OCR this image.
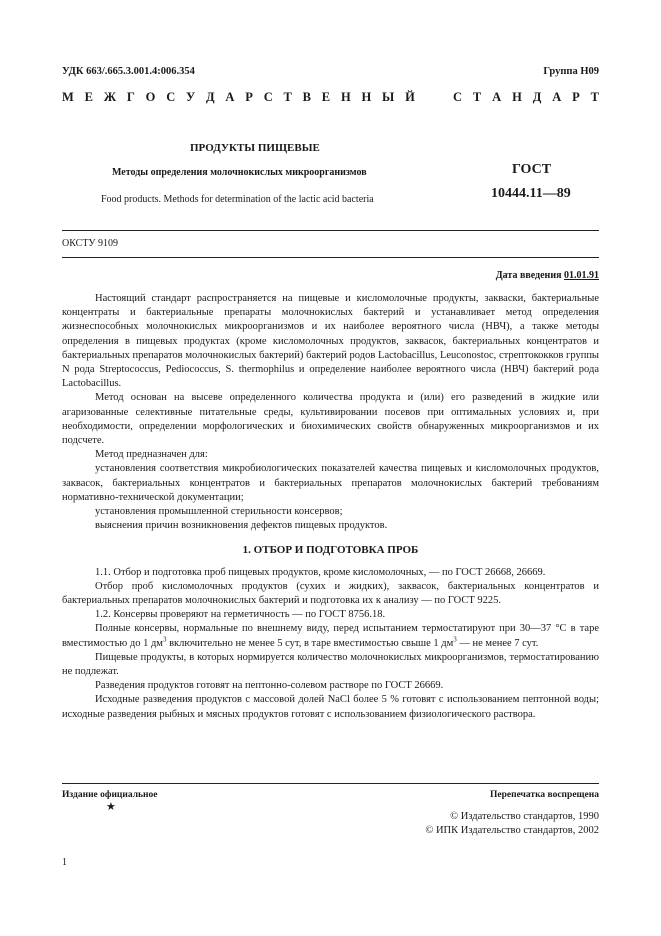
УДК 663/.665.3.001.4:006.354	Группа Н09
М Е Ж Г О С У Д А Р С Т В Е Н Н Ы Й	С Т А Н Д А Р Т
ПРОДУКТЫ ПИЩЕВЫЕ
Методы определения молочнокислых микроорганизмов
Food products. Methods for determination of the lactic acid bacteria
ГОСТ
10444.11—89
ОКСТУ 9109
Дата введения 01.01.91

Настоящий стандарт распространяется на пищевые и кисломолочные продукты, закваски, бактериальные концентраты и бактериальные препараты молочнокислых бактерий и устанавливает метод определения жизнеспособных молочнокислых микроорганизмов и их наиболее вероятного числа (НВЧ), а также методы определения в пищевых продуктах (кроме кисломолочных продуктов, заквасок, бактериальных концентратов и бактериальных препаратов молочнокислых бактерий) бактерий родов Lactobacillus, Leuconostoc, стрептококков группы N рода Streptococcus, Pediococcus, S. thermophilus и определение наиболее вероятного числа (НВЧ) бактерий рода Lactobacillus.

Метод основан на высеве определенного количества продукта и (или) его разведений в жидкие или агаризованные селективные питательные среды, культивировании посевов при оптимальных условиях и, при необходимости, определении морфологических и биохимических свойств обнаруженных микроорганизмов и их подсчете.

Метод предназначен для:

установления соответствия микробиологических показателей качества пищевых и кисломолочных продуктов, заквасок, бактериальных концентратов и бактериальных препаратов молочнокислых бактерий требованиям нормативно-технической документации;

установления промышленной стерильности консервов;

выяснения причин возникновения дефектов пищевых продуктов.

1. ОТБОР И ПОДГОТОВКА ПРОБ

1.1. Отбор и подготовка проб пищевых продуктов, кроме кисломолочных, — по ГОСТ 26668, 26669.

Отбор проб кисломолочных продуктов (сухих и жидких), заквасок, бактериальных концентратов и бактериальных препаратов молочнокислых бактерий и подготовка их к анализу — по ГОСТ 9225.

1.2. Консервы проверяют на герметичность — по ГОСТ 8756.18.

Полные консервы, нормальные по внешнему виду, перед испытанием термостатируют при 30—37 °С в таре вместимостью до 1 $дм^3$ включительно не менее 5 сут, в таре вместимостью свыше 1 $дм^3$ — не менее 7 сут.

Пищевые продукты, в которых нормируется количество молочнокислых микроорганизмов, термостатированию не подлежат.

Разведения продуктов готовят на пептонно-солевом растворе по ГОСТ 26669.

Исходные разведения продуктов с массовой долей NaCl более 5 % готовят с использованием пептонной воды; исходные разведения рыбных и мясных продуктов готовят с использованием физиологического раствора.

Издание официальное
★
Перепечатка воспрещена
© Издательство стандартов, 1990
© ИПК Издательство стандартов, 2002
1
